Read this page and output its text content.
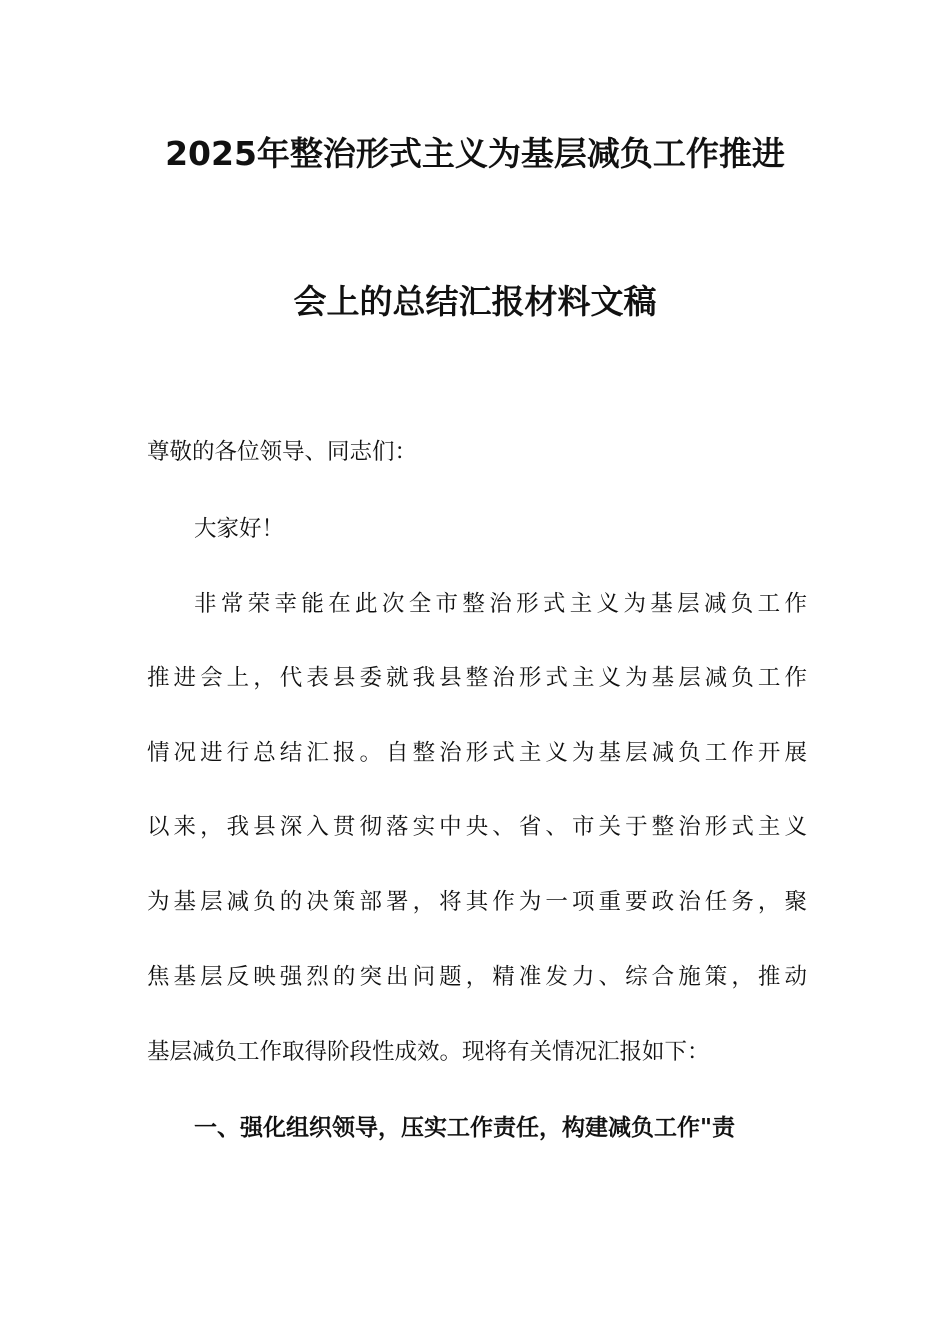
2025年整治形式主义为基层减负工作推进
会上的总结汇报材料文稿
尊敬的各位领导、同志们：
大家好！
非常荣幸能在此次全市整治形式主义为基层减负工作
推进会上，代表县委就我县整治形式主义为基层减负工作
情况进行总结汇报。自整治形式主义为基层减负工作开展
以来，我县深入贯彻落实中央、省、市关于整治形式主义
为基层减负的决策部署，将其作为一项重要政治任务，聚
焦基层反映强烈的突出问题，精准发力、综合施策，推动
基层减负工作取得阶段性成效。现将有关情况汇报如下：
一、强化组织领导，压实工作责任，构建减负工作"责
